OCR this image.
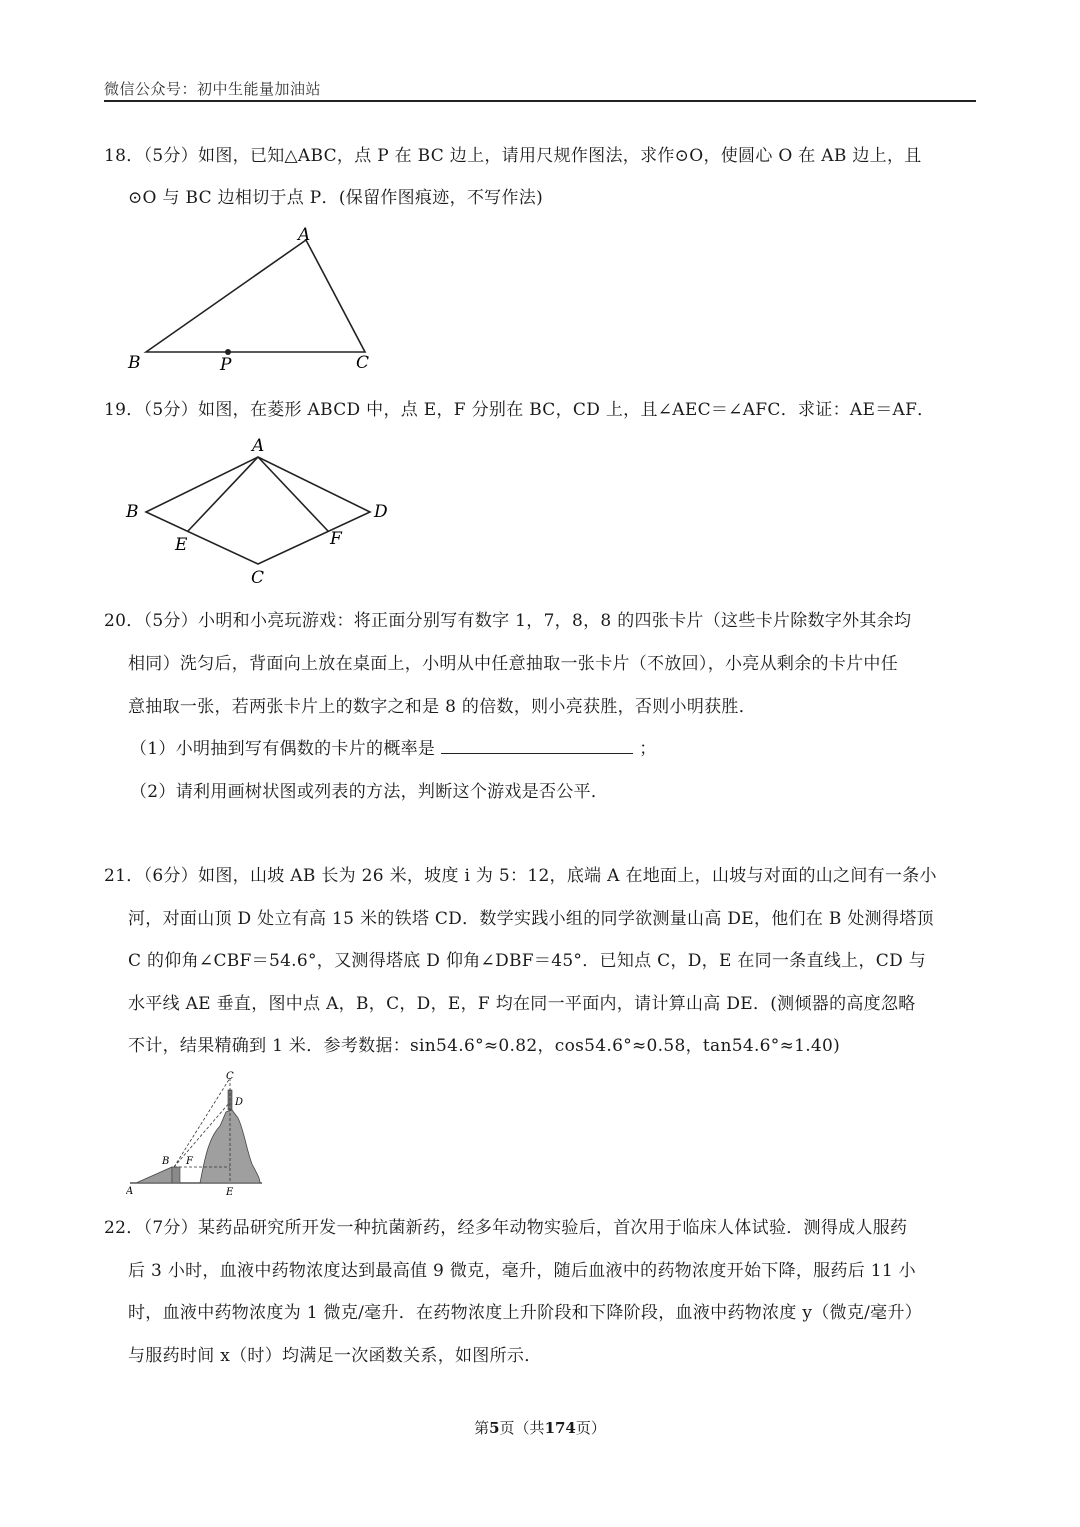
微信公众号：初中生能量加油站
18．（5分）如图，已知△ABC，点 P 在 BC 边上，请用尺规作图法，求作⊙O，使圆心 O 在 AB 边上，且
⊙O 与 BC 边相切于点 P．(保留作图痕迹，不写作法)
A
B	P	C
19．（5分）如图，在菱形 ABCD 中，点 E，F 分别在 BC，CD 上，且∠AEC＝∠AFC．求证：AE＝AF．
A
B	D
E	F
C
20．（5分）小明和小亮玩游戏：将正面分别写有数字 1，7，8，8 的四张卡片（这些卡片除数字外其余均
相同）洗匀后，背面向上放在桌面上，小明从中任意抽取一张卡片（不放回），小亮从剩余的卡片中任
意抽取一张，若两张卡片上的数字之和是 8 的倍数，则小亮获胜，否则小明获胜．
（1）小明抽到写有偶数的卡片的概率是	；
（2）请利用画树状图或列表的方法，判断这个游戏是否公平．
21．（6分）如图，山坡 AB 长为 26 米，坡度 i 为 5：12，底端 A 在地面上，山坡与对面的山之间有一条小
河，对面山顶 D 处立有高 15 米的铁塔 CD．数学实践小组的同学欲测量山高 DE，他们在 B 处测得塔顶
C 的仰角∠CBF＝54.6°，又测得塔底 D 仰角∠DBF＝45°．已知点 C，D，E 在同一条直线上，CD 与
水平线 AE 垂直，图中点 A，B，C，D，E，F 均在同一平面内，请计算山高 DE．(测倾器的高度忽略
不计，结果精确到 1 米．参考数据：sin54.6°≈0.82，cos54.6°≈0.58，tan54.6°≈1.40)
A
B
C
D
E
F
22．（7分）某药品研究所开发一种抗菌新药，经多年动物实验后，首次用于临床人体试验．测得成人服药
后 3 小时，血液中药物浓度达到最高值 9 微克，毫升，随后血液中的药物浓度开始下降，服药后 11 小
时，血液中药物浓度为 1 微克/毫升．在药物浓度上升阶段和下降阶段，血液中药物浓度 y（微克/毫升）
与服药时间 x（时）均满足一次函数关系，如图所示．
第5页（共174页）
